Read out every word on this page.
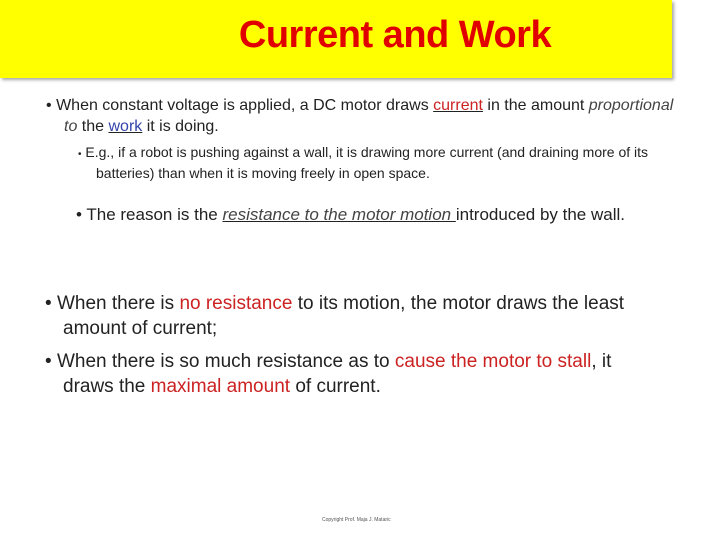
Current and Work
• When constant voltage is applied, a DC motor draws current in the amount proportional to the work it is doing.
• E.g., if a robot is pushing against a wall, it is drawing more current (and draining more of its batteries) than when it is moving freely in open space.
• The reason is the resistance to the motor motion introduced by the wall.
• When there is no resistance to its motion, the motor draws the least amount of current;
• When there is so much resistance as to cause the motor to stall, it draws the maximal amount of current.
Copyright Prof. Maja J. Mataric
